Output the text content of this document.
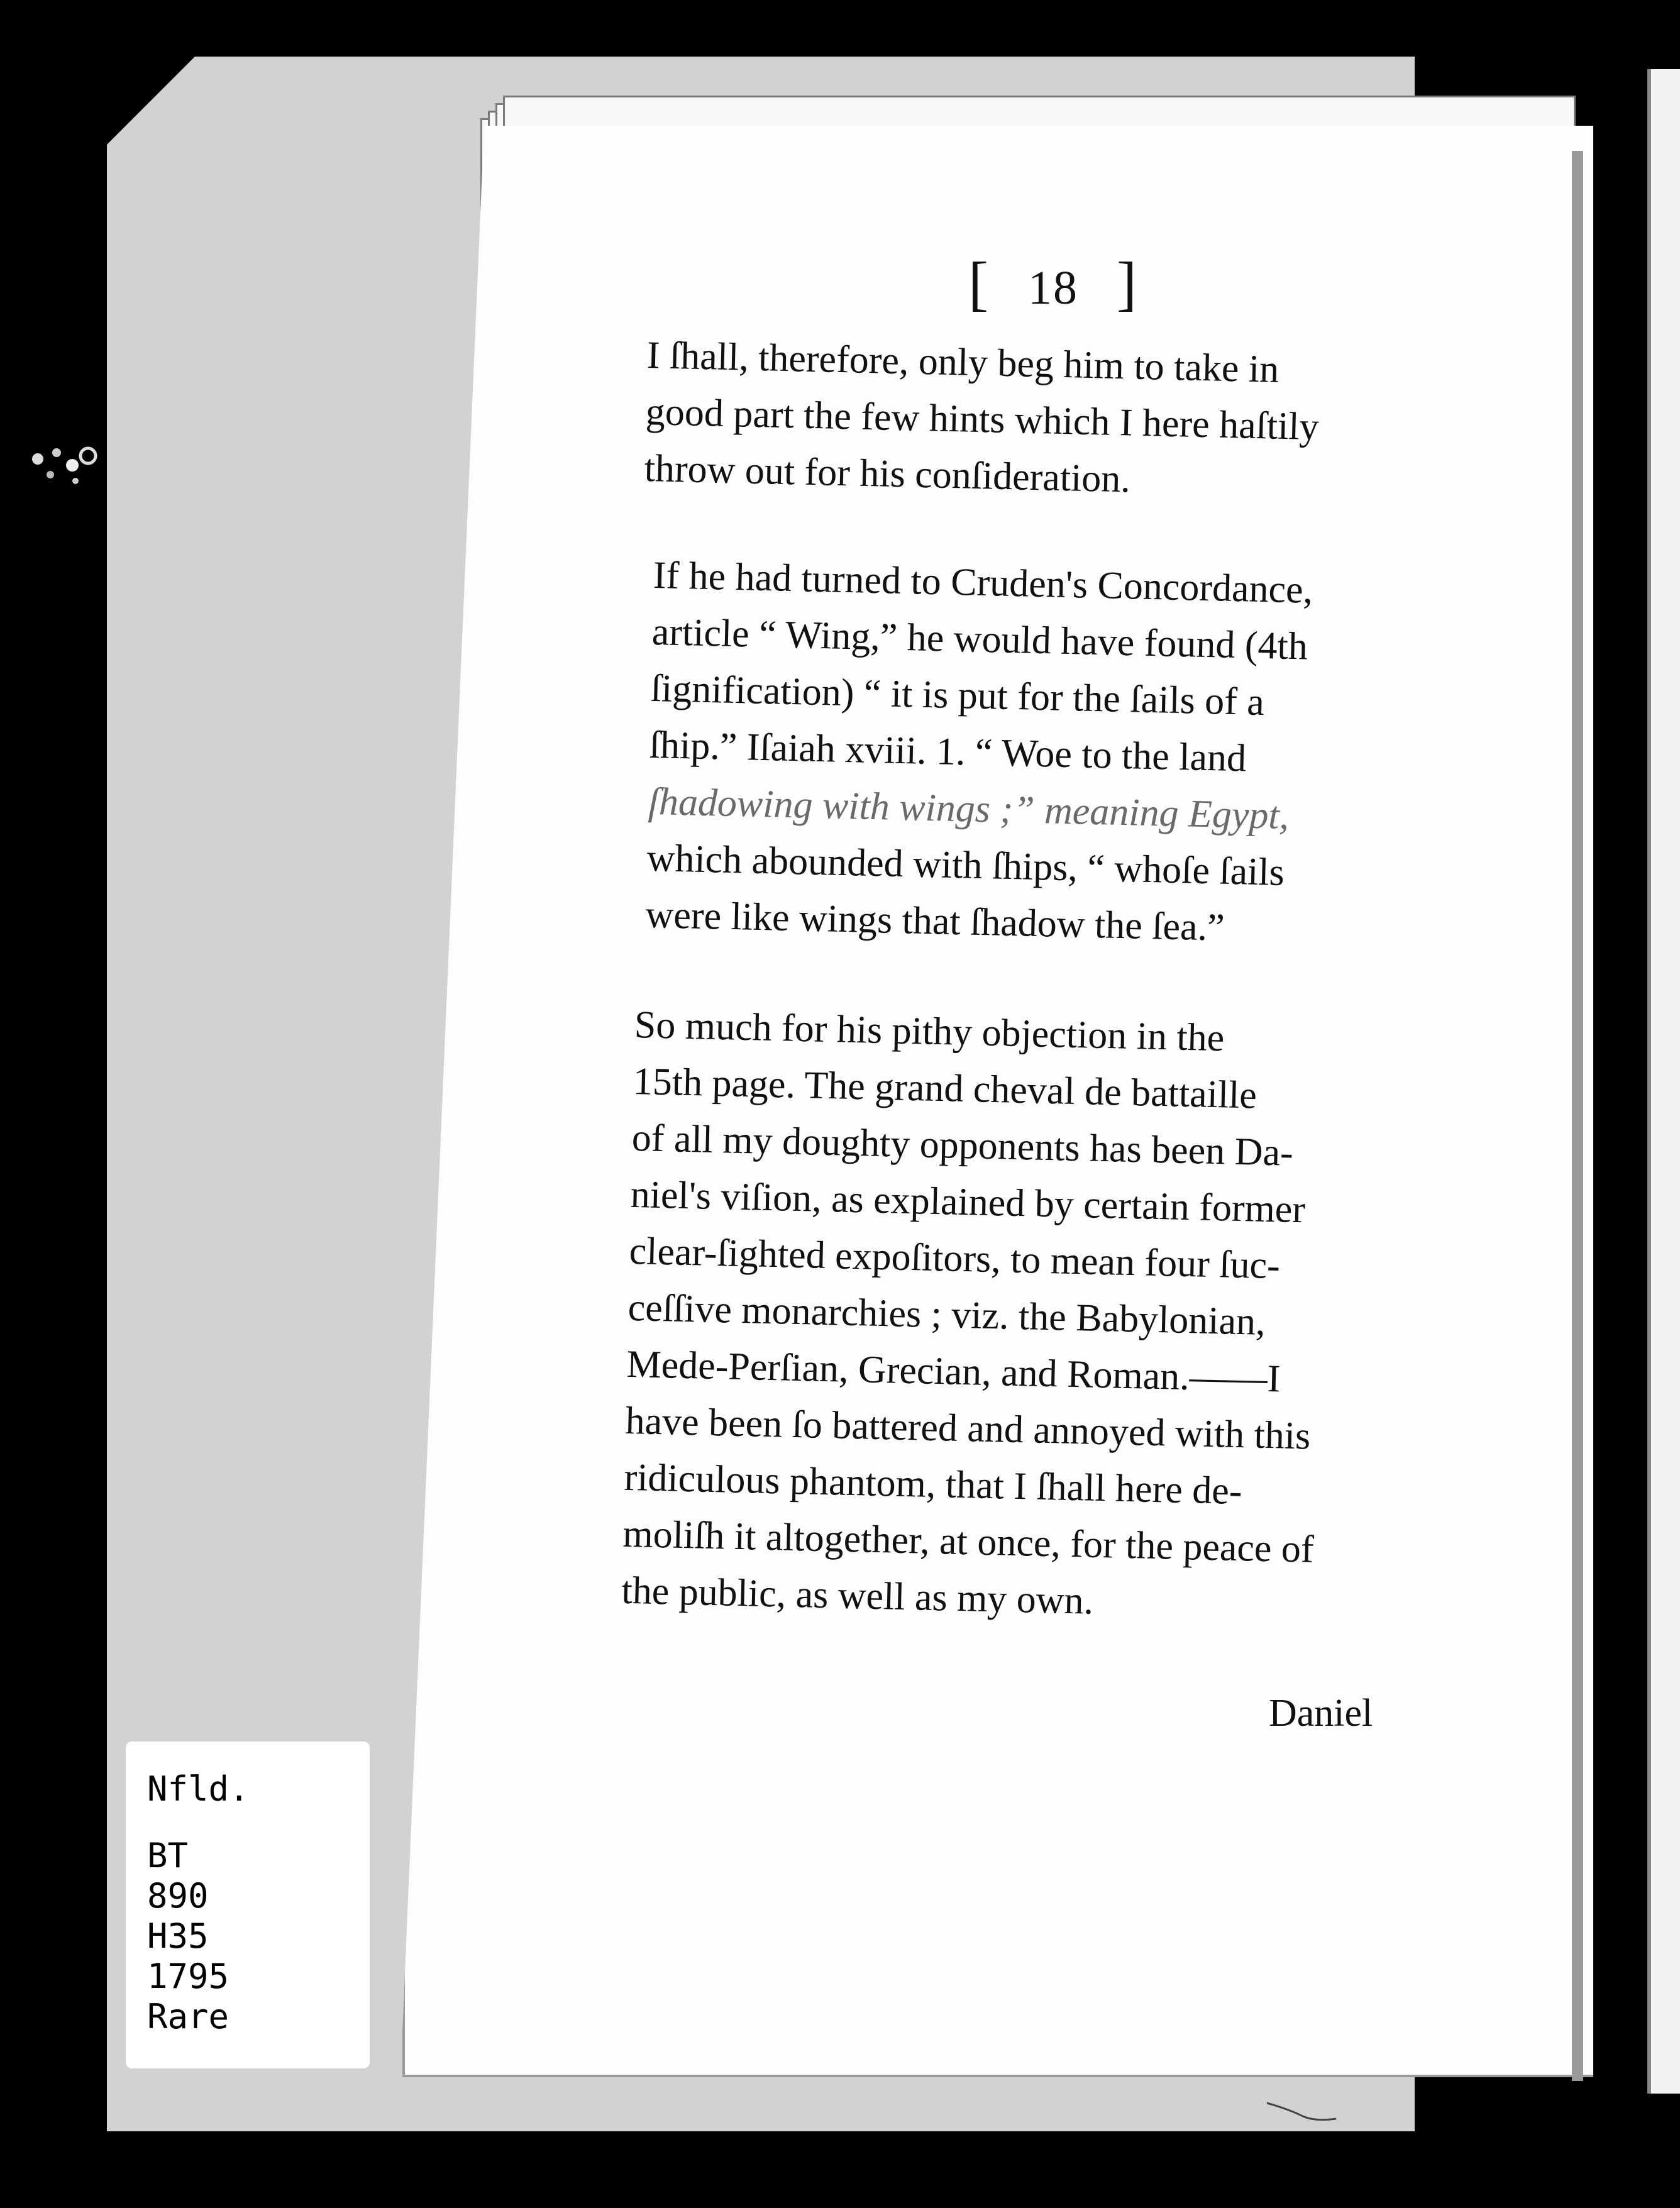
[ 18 ]
I ſhall, therefore, only beg him to take in
good part the few hints which I here haſtily
throw out for his conſideration.
If he had turned to Cruden's Concordance,
article “ Wing,” he would have found (4th
ſignification) “ it is put for the ſails of a
ſhip.” Iſaiah xviii. 1. “ Woe to the land
ſhadowing with wings ;” meaning Egypt,
which abounded with ſhips, “ whoſe ſails
were like wings that ſhadow the ſea.”
So much for his pithy objection in the
15th page. The grand cheval de battaille
of all my doughty opponents has been Da-
niel's viſion, as explained by certain former
clear-ſighted expoſitors, to mean four ſuc-
ceſſive monarchies ; viz. the Babylonian,
Mede-Perſian, Grecian, and Roman.——I
have been ſo battered and annoyed with this
ridiculous phantom, that I ſhall here de-
moliſh it altogether, at once, for the peace of
the public, as well as my own.
Daniel
Nfld.
BT
890
H35
1795
Rare
